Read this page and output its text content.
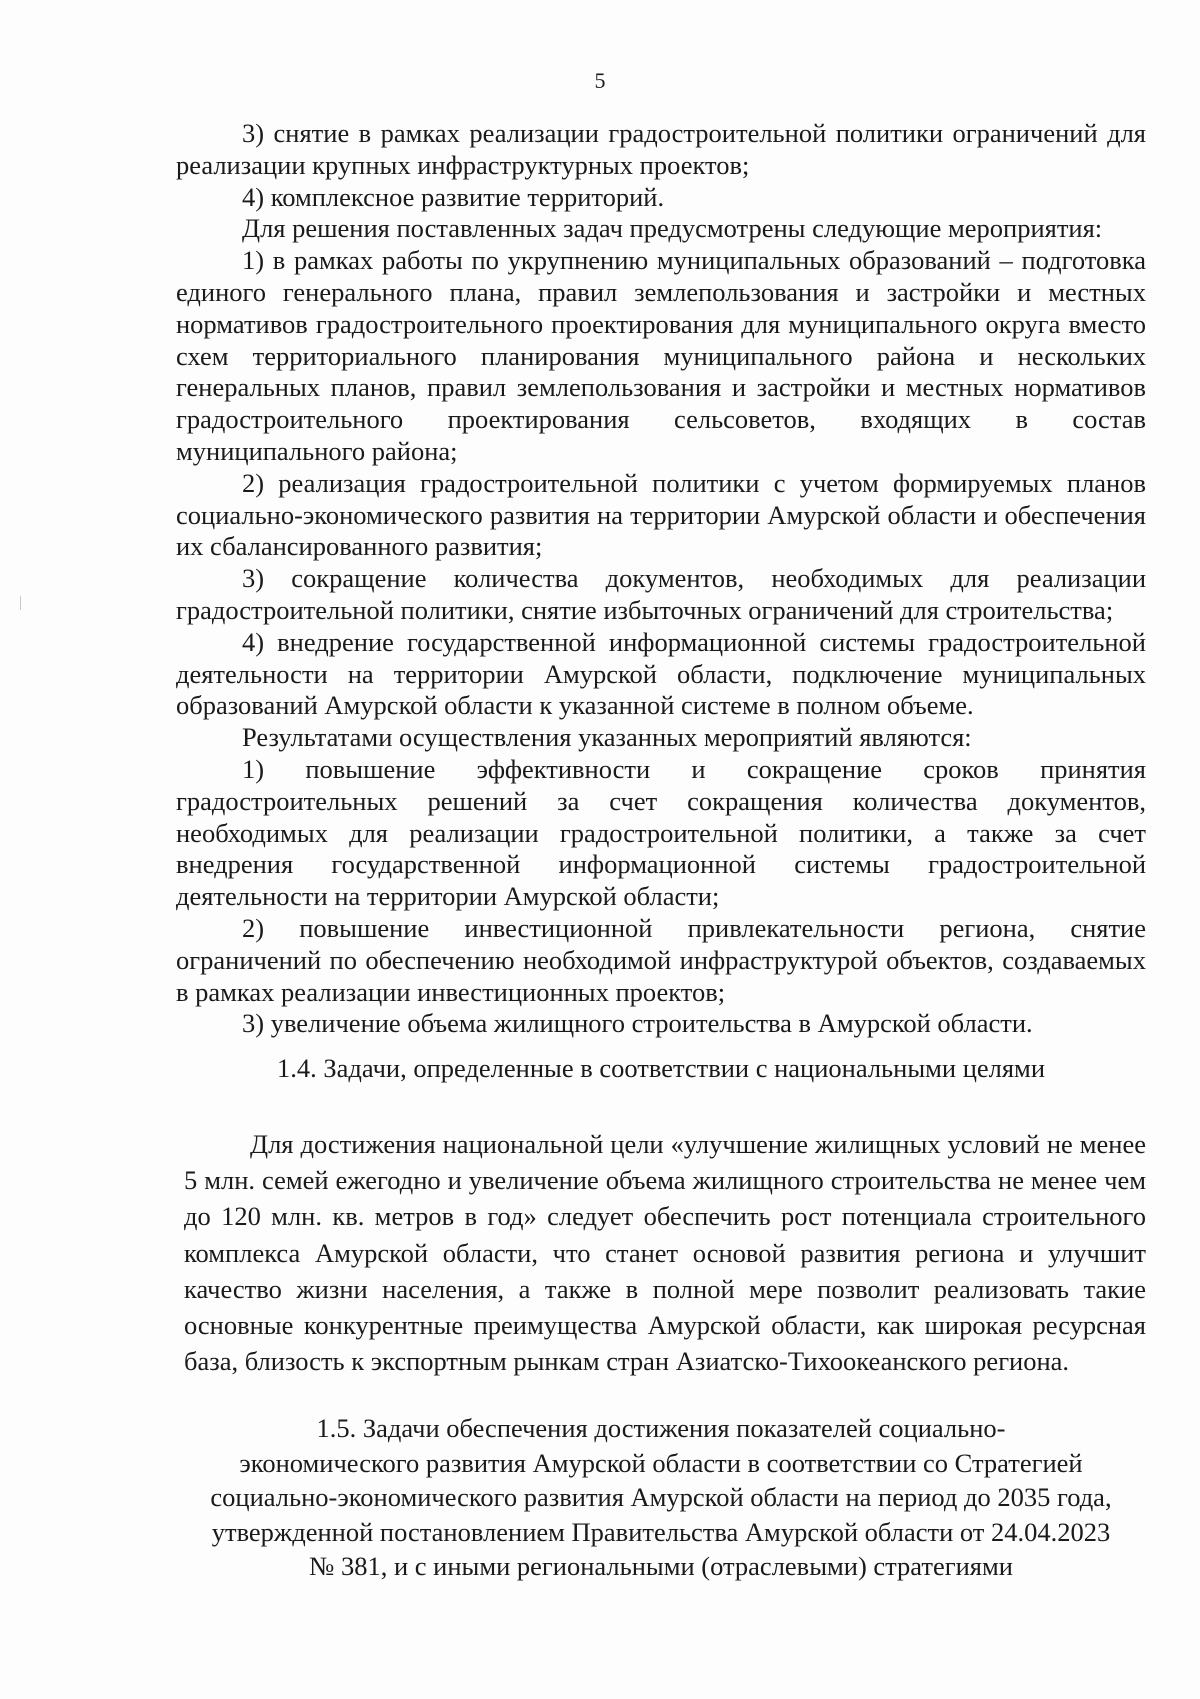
5

3) снятие в рамках реализации градостроительной политики ограничений для реализации крупных инфраструктурных проектов;

4) комплексное развитие территорий.

Для решения поставленных задач предусмотрены следующие мероприятия:

1) в рамках работы по укрупнению муниципальных образований – подготовка единого генерального плана, правил землепользования и застройки и местных нормативов градостроительного проектирования для муниципального округа вместо схем территориального планирования муниципального района и нескольких генеральных планов, правил землепользования и застройки и местных нормативов градостроительного проектирования сельсоветов, входящих в состав муниципального района;

2) реализация градостроительной политики с учетом формируемых планов социально-экономического развития на территории Амурской области и обеспечения их сбалансированного развития;

3) сокращение количества документов, необходимых для реализации градостроительной политики, снятие избыточных ограничений для строительства;

4) внедрение государственной информационной системы градостроительной деятельности на территории Амурской области, подключение муниципальных образований Амурской области к указанной системе в полном объеме.

Результатами осуществления указанных мероприятий являются:

1) повышение эффективности и сокращение сроков принятия градостроительных решений за счет сокращения количества документов, необходимых для реализации градостроительной политики, а также за счет внедрения государственной информационной системы градостроительной деятельности на территории Амурской области;

2) повышение инвестиционной привлекательности региона, снятие ограничений по обеспечению необходимой инфраструктурой объектов, создаваемых в рамках реализации инвестиционных проектов;

3) увеличение объема жилищного строительства в Амурской области.

1.4. Задачи, определенные в соответствии с национальными целями

Для достижения национальной цели «улучшение жилищных условий не менее 5 млн. семей ежегодно и увеличение объема жилищного строительства не менее чем до 120 млн. кв. метров в год» следует обеспечить рост потенциала строительного комплекса Амурской области, что станет основой развития региона и улучшит качество жизни населения, а также в полной мере позволит реализовать такие основные конкурентные преимущества Амурской области, как широкая ресурсная база, близость к экспортным рынкам стран Азиатско-Тихоокеанского региона.

1.5. Задачи обеспечения достижения показателей социально-
экономического развития Амурской области в соответствии со Стратегией
социально-экономического развития Амурской области на период до 2035 года,
утвержденной постановлением Правительства Амурской области от 24.04.2023
№ 381, и с иными региональными (отраслевыми) стратегиями
